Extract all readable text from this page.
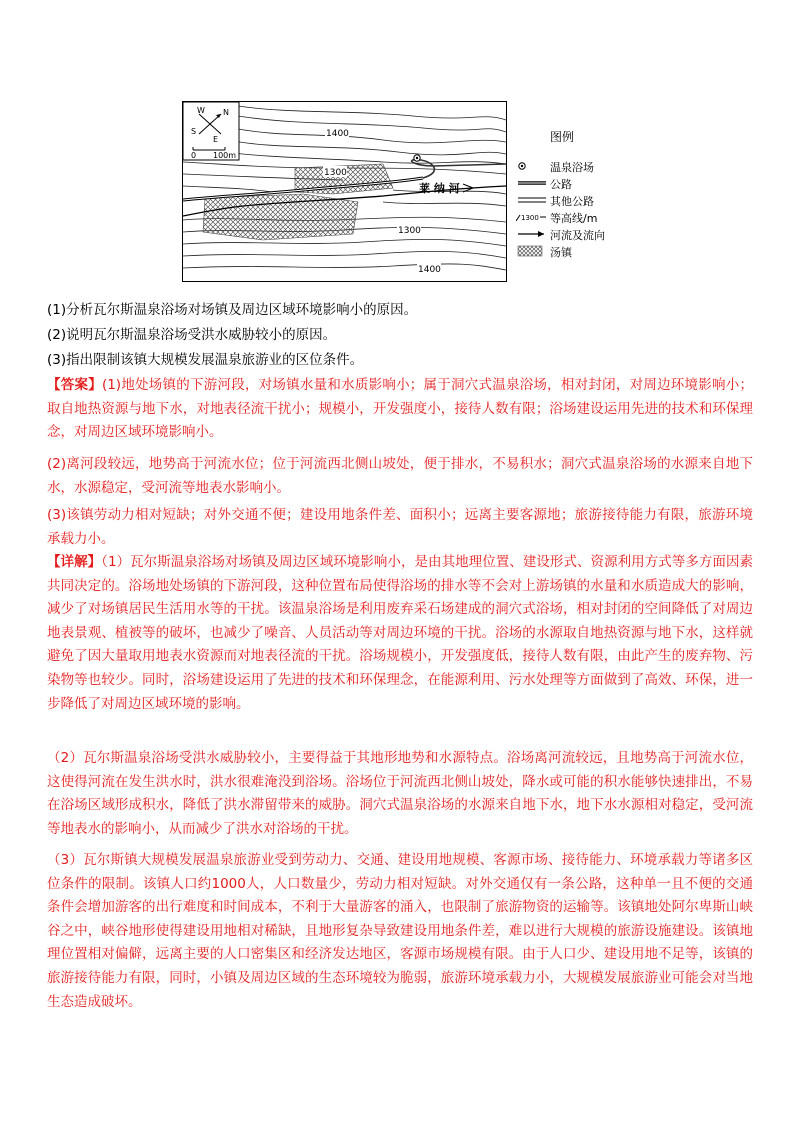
W N
S
E
0 100m
1400
1300
1300
1400
莱 纳 河
图例
温泉浴场
公路
其他公路
1300 等高线/m
河流及流向
汤镇
(1)分析瓦尔斯温泉浴场对场镇及周边区域环境影响小的原因。
(2)说明瓦尔斯温泉浴场受洪水威胁较小的原因。
(3)指出限制该镇大规模发展温泉旅游业的区位条件。
【答案】(1)地处场镇的下游河段，对场镇水量和水质影响小；属于洞穴式温泉浴场，相对封闭，对周边环境影响小；取自地热资源与地下水，对地表径流干扰小；规模小，开发强度小，接待人数有限；浴场建设运用先进的技术和环保理念，对周边区域环境影响小。
(2)离河段较远，地势高于河流水位；位于河流西北侧山坡处，便于排水，不易积水；洞穴式温泉浴场的水源来自地下水，水源稳定，受河流等地表水影响小。
(3)该镇劳动力相对短缺；对外交通不便；建设用地条件差、面积小；远离主要客源地；旅游接待能力有限，旅游环境承载力小。
【详解】（1）瓦尔斯温泉浴场对场镇及周边区域环境影响小，是由其地理位置、建设形式、资源利用方式等多方面因素共同决定的。浴场地处场镇的下游河段，这种位置布局使得浴场的排水等不会对上游场镇的水量和水质造成大的影响，减少了对场镇居民生活用水等的干扰。该温泉浴场是利用废弃采石场建成的洞穴式浴场，相对封闭的空间降低了对周边地表景观、植被等的破坏，也减少了噪音、人员活动等对周边环境的干扰。浴场的水源取自地热资源与地下水，这样就避免了因大量取用地表水资源而对地表径流的干扰。浴场规模小，开发强度低，接待人数有限，由此产生的废弃物、污染物等也较少。同时，浴场建设运用了先进的技术和环保理念，在能源利用、污水处理等方面做到了高效、环保，进一步降低了对周边区域环境的影响。
（2）瓦尔斯温泉浴场受洪水威胁较小，主要得益于其地形地势和水源特点。浴场离河流较远，且地势高于河流水位，这使得河流在发生洪水时，洪水很难淹没到浴场。浴场位于河流西北侧山坡处，降水或可能的积水能够快速排出，不易在浴场区域形成积水，降低了洪水滞留带来的威胁。洞穴式温泉浴场的水源来自地下水，地下水水源相对稳定，受河流等地表水的影响小，从而减少了洪水对浴场的干扰。
（3）瓦尔斯镇大规模发展温泉旅游业受到劳动力、交通、建设用地规模、客源市场、接待能力、环境承载力等诸多区位条件的限制。该镇人口约1000人，人口数量少，劳动力相对短缺。对外交通仅有一条公路，这种单一且不便的交通条件会增加游客的出行难度和时间成本，不利于大量游客的涌入，也限制了旅游物资的运输等。该镇地处阿尔卑斯山峡谷之中，峡谷地形使得建设用地相对稀缺，且地形复杂导致建设用地条件差，难以进行大规模的旅游设施建设。该镇地理位置相对偏僻，远离主要的人口密集区和经济发达地区，客源市场规模有限。由于人口少、建设用地不足等，该镇的旅游接待能力有限，同时，小镇及周边区域的生态环境较为脆弱，旅游环境承载力小，大规模发展旅游业可能会对当地生态造成破坏。
